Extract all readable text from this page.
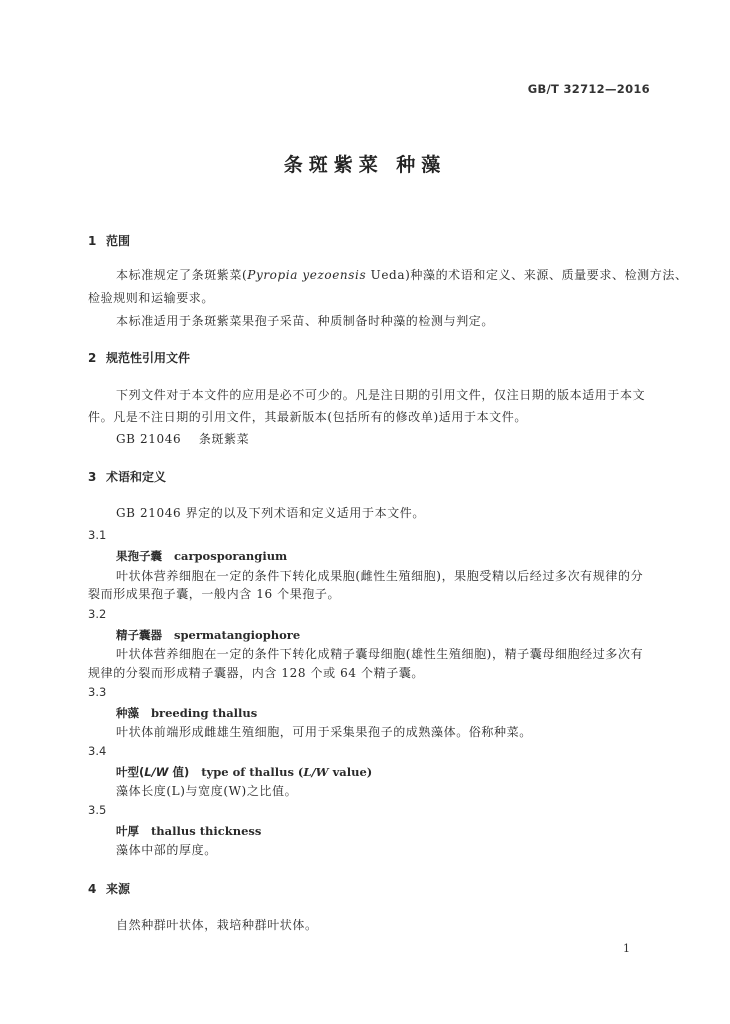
GB/T 32712—2016
条斑紫菜 种藻
1 范围
本标准规定了条斑紫菜(Pyropia yezoensis Ueda)种藻的术语和定义、来源、质量要求、检测方法、
检验规则和运输要求。
本标准适用于条斑紫菜果孢子采苗、种质制备时种藻的检测与判定。
2 规范性引用文件
下列文件对于本文件的应用是必不可少的。凡是注日期的引用文件，仅注日期的版本适用于本文
件。凡是不注日期的引用文件，其最新版本(包括所有的修改单)适用于本文件。
GB 21046    条斑紫菜
3 术语和定义
GB 21046 界定的以及下列术语和定义适用于本文件。
3.1
果孢子囊 carposporangium
叶状体营养细胞在一定的条件下转化成果胞(雌性生殖细胞)，果胞受精以后经过多次有规律的分
裂而形成果孢子囊，一般内含 16 个果孢子。
3.2
精子囊器 spermatangiophore
叶状体营养细胞在一定的条件下转化成精子囊母细胞(雄性生殖细胞)，精子囊母细胞经过多次有
规律的分裂而形成精子囊器，内含 128 个或 64 个精子囊。
3.3
种藻 breeding thallus
叶状体前端形成雌雄生殖细胞，可用于采集果孢子的成熟藻体。俗称种菜。
3.4
叶型(L/W 值) type of thallus (L/W value)
藻体长度(L)与宽度(W)之比值。
3.5
叶厚 thallus thickness
藻体中部的厚度。
4 来源
自然种群叶状体，栽培种群叶状体。
1
